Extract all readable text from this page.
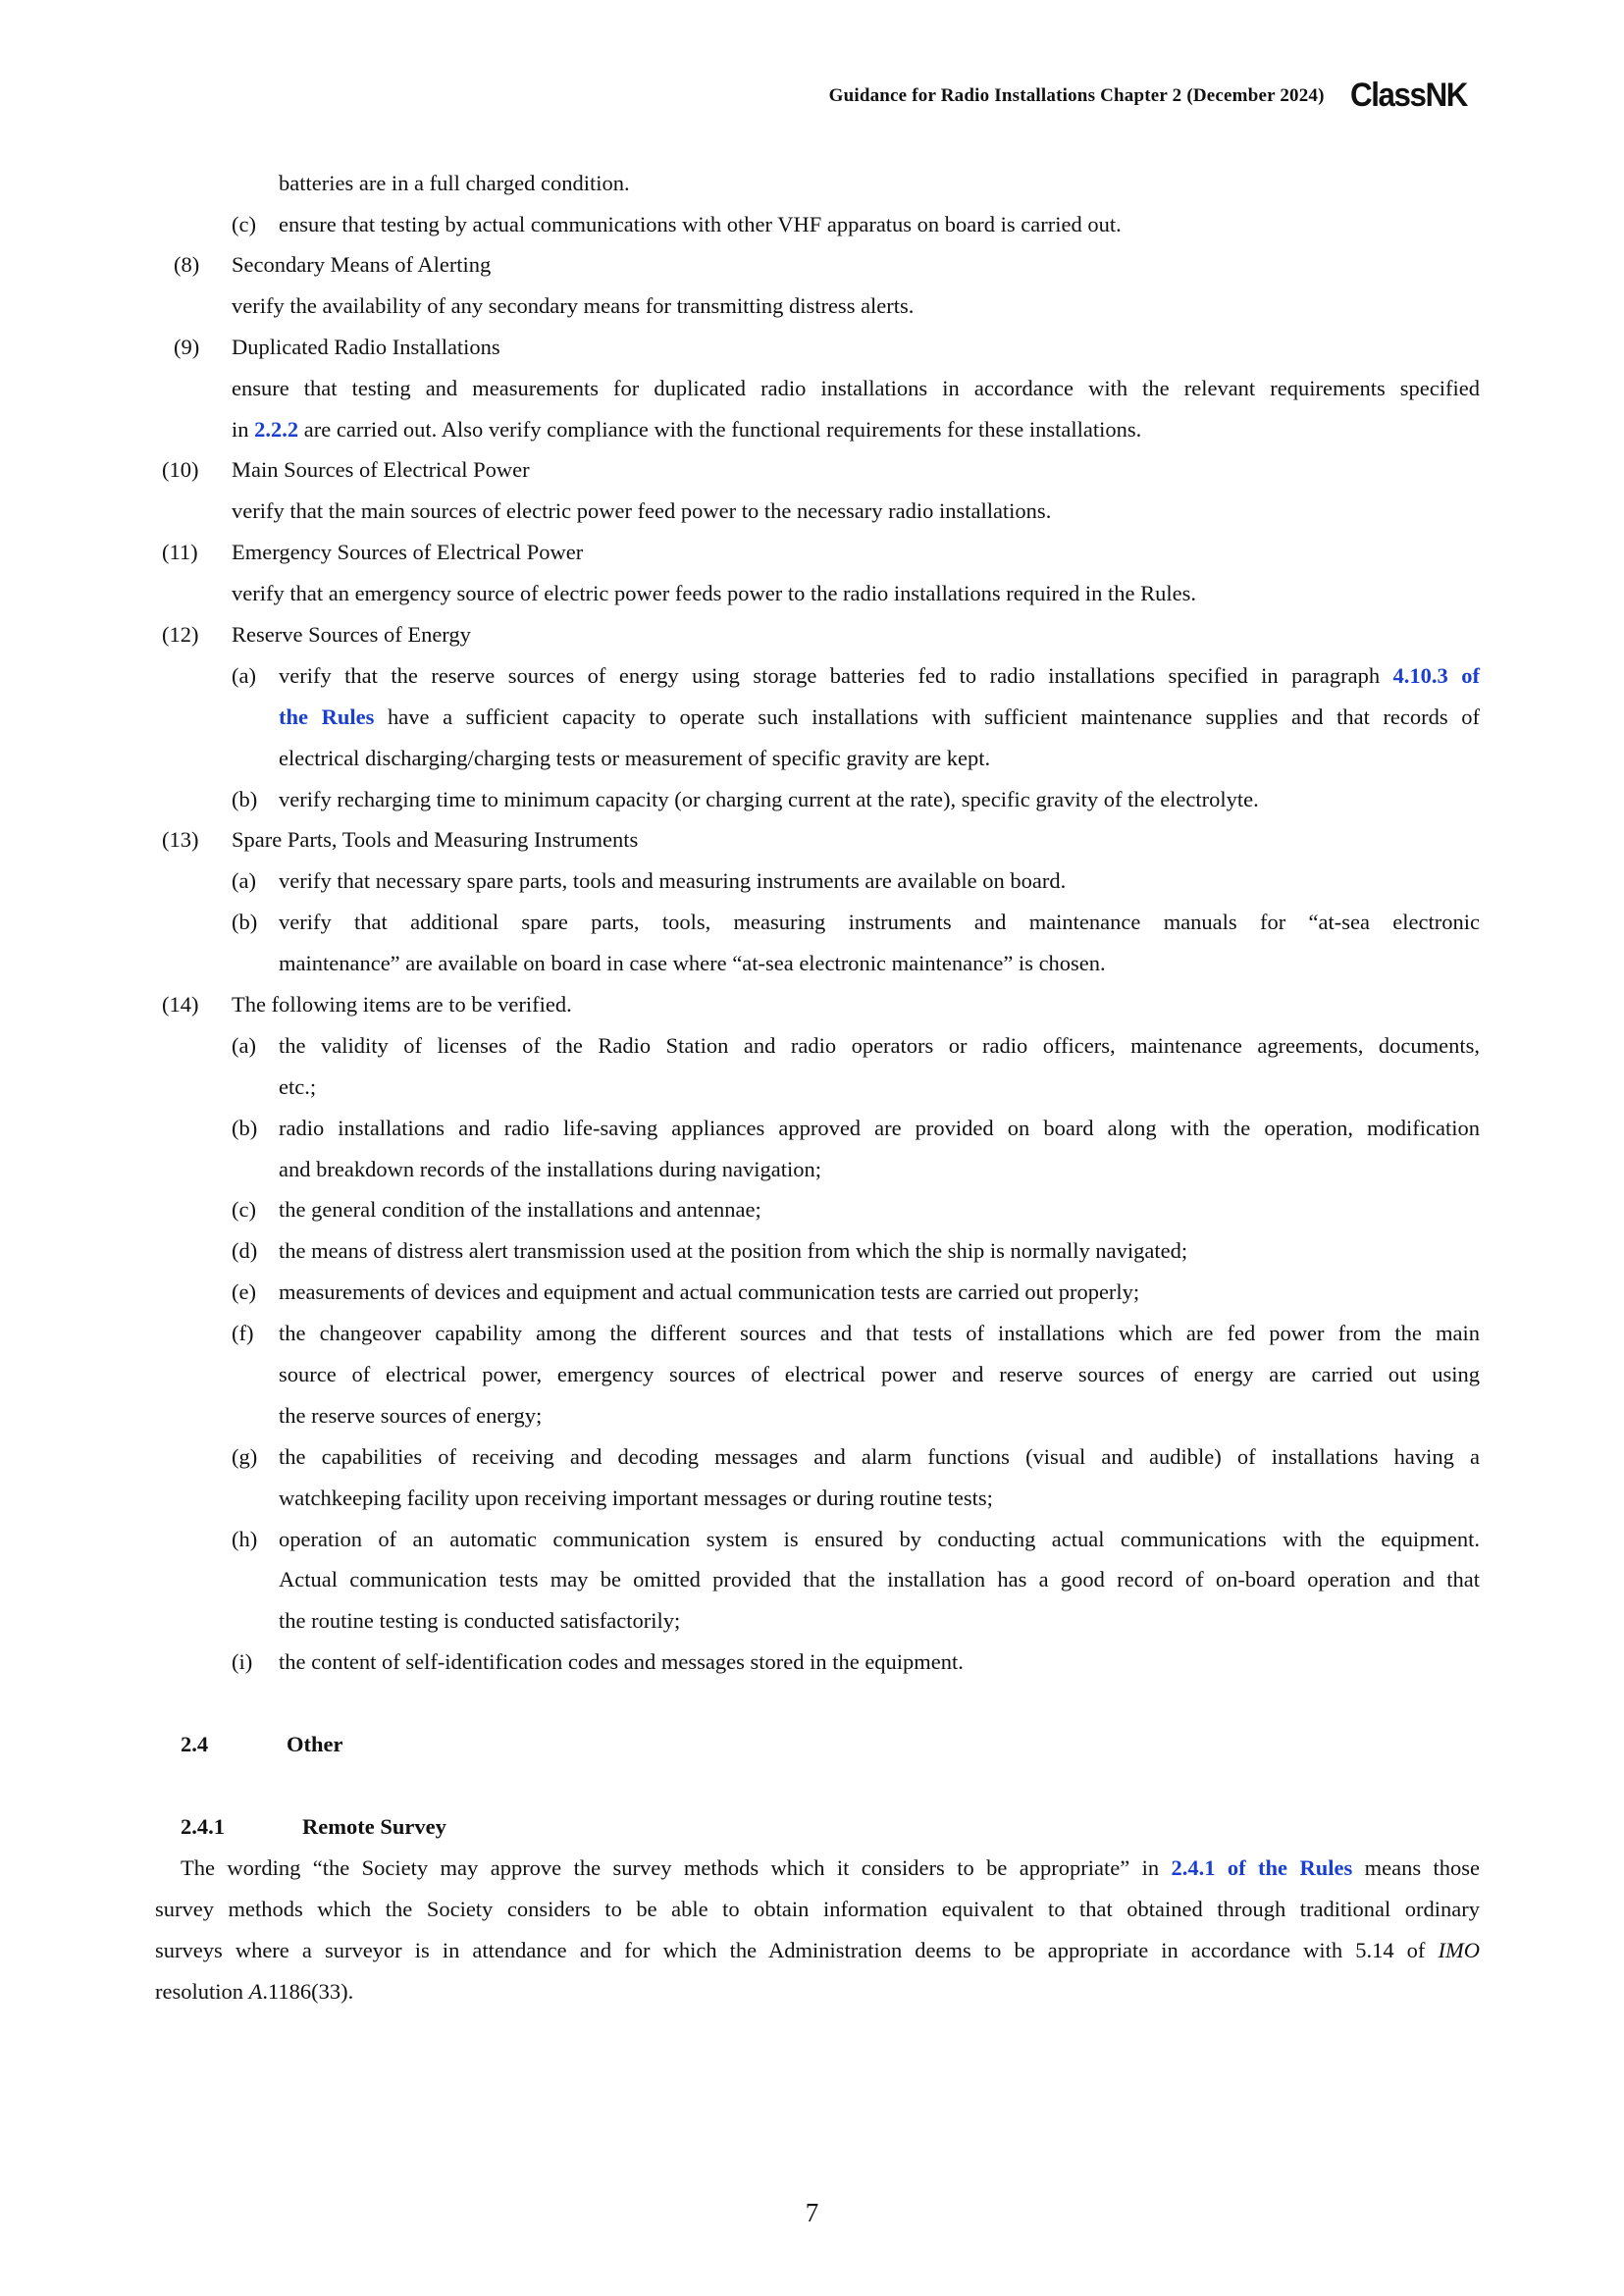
Guidance for Radio Installations Chapter 2 (December 2024) ClassNK
batteries are in a full charged condition.
(c) ensure that testing by actual communications with other VHF apparatus on board is carried out.
(8) Secondary Means of Alerting
verify the availability of any secondary means for transmitting distress alerts.
(9) Duplicated Radio Installations
ensure that testing and measurements for duplicated radio installations in accordance with the relevant requirements specified
in 2.2.2 are carried out. Also verify compliance with the functional requirements for these installations.
(10) Main Sources of Electrical Power
verify that the main sources of electric power feed power to the necessary radio installations.
(11) Emergency Sources of Electrical Power
verify that an emergency source of electric power feeds power to the radio installations required in the Rules.
(12) Reserve Sources of Energy
(a) verify that the reserve sources of energy using storage batteries fed to radio installations specified in paragraph 4.10.3 of
the Rules have a sufficient capacity to operate such installations with sufficient maintenance supplies and that records of
electrical discharging/charging tests or measurement of specific gravity are kept.
(b) verify recharging time to minimum capacity (or charging current at the rate), specific gravity of the electrolyte.
(13) Spare Parts, Tools and Measuring Instruments
(a) verify that necessary spare parts, tools and measuring instruments are available on board.
(b) verify that additional spare parts, tools, measuring instruments and maintenance manuals for “at-sea electronic
maintenance” are available on board in case where “at-sea electronic maintenance” is chosen.
(14) The following items are to be verified.
(a) the validity of licenses of the Radio Station and radio operators or radio officers, maintenance agreements, documents,
etc.;
(b) radio installations and radio life-saving appliances approved are provided on board along with the operation, modification
and breakdown records of the installations during navigation;
(c) the general condition of the installations and antennae;
(d) the means of distress alert transmission used at the position from which the ship is normally navigated;
(e) measurements of devices and equipment and actual communication tests are carried out properly;
(f) the changeover capability among the different sources and that tests of installations which are fed power from the main
source of electrical power, emergency sources of electrical power and reserve sources of energy are carried out using
the reserve sources of energy;
(g) the capabilities of receiving and decoding messages and alarm functions (visual and audible) of installations having a
watchkeeping facility upon receiving important messages or during routine tests;
(h) operation of an automatic communication system is ensured by conducting actual communications with the equipment.
Actual communication tests may be omitted provided that the installation has a good record of on-board operation and that
the routine testing is conducted satisfactorily;
(i) the content of self-identification codes and messages stored in the equipment.
2.4	Other
2.4.1	Remote Survey
The wording “the Society may approve the survey methods which it considers to be appropriate” in 2.4.1 of the Rules means those
survey methods which the Society considers to be able to obtain information equivalent to that obtained through traditional ordinary
surveys where a surveyor is in attendance and for which the Administration deems to be appropriate in accordance with 5.14 of IMO
resolution A.1186(33).
7
